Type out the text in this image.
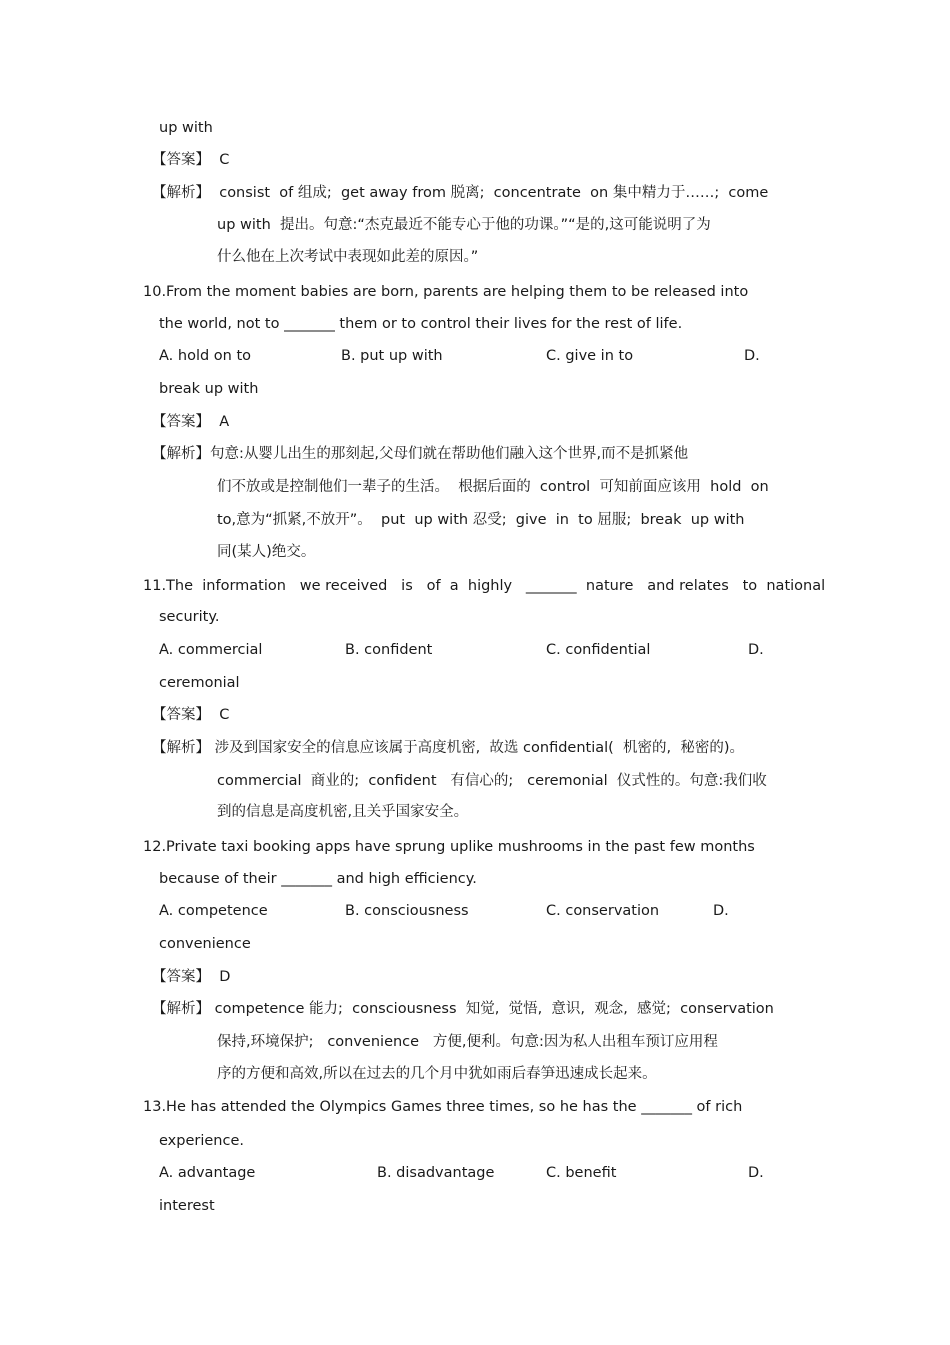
up with
【答案】  C
【解析】  consist  of 组成;  get away from 脱离;  concentrate  on 集中精力于……;  come
up with  提出。句意:“杰克最近不能专心于他的功课。”“是的,这可能说明了为
什么他在上次考试中表现如此差的原因。”
10.From the moment babies are born, parents are helping them to be released into
the world, not to _______ them or to control their lives for the rest of life.
A. hold on to	B. put up with	C. give in to	D.
break up with
【答案】  A
【解析】句意:从婴儿出生的那刻起,父母们就在帮助他们融入这个世界,而不是抓紧他
们不放或是控制他们一辈子的生活。  根据后面的  control  可知前面应该用  hold  on
to,意为“抓紧,不放开”。  put  up with 忍受;  give  in  to 屈服;  break  up with
同(某人)绝交。
11.The  information   we received   is   of  a  highly   _______  nature   and relates   to  national
security.
A. commercial	B. confident	C. confidential	D.
ceremonial
【答案】  C
【解析】 涉及到国家安全的信息应该属于高度机密,  故选 confidential(  机密的,  秘密的)。
commercial  商业的;  confident   有信心的;   ceremonial  仪式性的。句意:我们收
到的信息是高度机密,且关乎国家安全。
12.Private taxi booking apps have sprung uplike mushrooms in the past few months
because of their _______ and high efficiency.
A. competence	B. consciousness	C. conservation	D.
convenience
【答案】  D
【解析】 competence 能力;  consciousness  知觉,  觉悟,  意识,  观念,  感觉;  conservation
保持,环境保护;   convenience   方便,便利。句意:因为私人出租车预订应用程
序的方便和高效,所以在过去的几个月中犹如雨后春笋迅速成长起来。
13.He has attended the Olympics Games three times, so he has the _______ of rich
experience.
A. advantage	B. disadvantage	C. benefit	D.
interest
